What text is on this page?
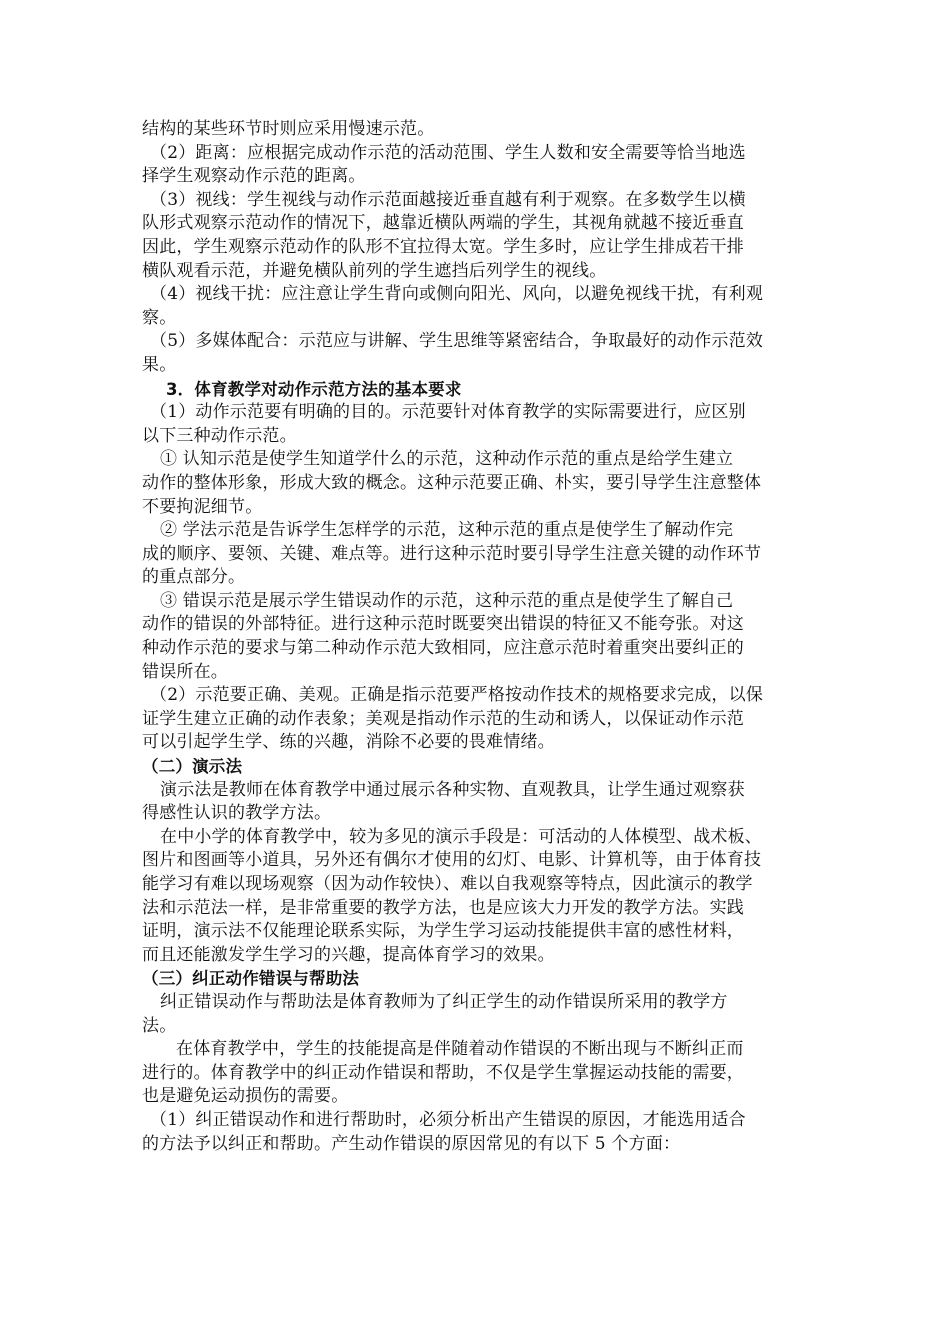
结构的某些环节时则应采用慢速示范。
（2）距离：应根据完成动作示范的活动范围、学生人数和安全需要等恰当地选
择学生观察动作示范的距离。
（3）视线：学生视线与动作示范面越接近垂直越有利于观察。在多数学生以横
队形式观察示范动作的情况下，越靠近横队两端的学生，其视角就越不接近垂直
因此，学生观察示范动作的队形不宜拉得太宽。学生多时，应让学生排成若干排
横队观看示范，并避免横队前列的学生遮挡后列学生的视线。
（4）视线干扰：应注意让学生背向或侧向阳光、风向，以避免视线干扰，有利观
察。
（5）多媒体配合：示范应与讲解、学生思维等紧密结合，争取最好的动作示范效
果。
3．体育教学对动作示范方法的基本要求
（1）动作示范要有明确的目的。示范要针对体育教学的实际需要进行，应区别
以下三种动作示范。
① 认知示范是使学生知道学什么的示范，这种动作示范的重点是给学生建立
动作的整体形象，形成大致的概念。这种示范要正确、朴实，要引导学生注意整体
不要拘泥细节。
② 学法示范是告诉学生怎样学的示范，这种示范的重点是使学生了解动作完
成的顺序、要领、关键、难点等。进行这种示范时要引导学生注意关键的动作环节
的重点部分。
③ 错误示范是展示学生错误动作的示范，这种示范的重点是使学生了解自己
动作的错误的外部特征。进行这种示范时既要突出错误的特征又不能夸张。对这
种动作示范的要求与第二种动作示范大致相同，应注意示范时着重突出要纠正的
错误所在。
（2）示范要正确、美观。正确是指示范要严格按动作技术的规格要求完成，以保
证学生建立正确的动作表象；美观是指动作示范的生动和诱人，以保证动作示范
可以引起学生学、练的兴趣，消除不必要的畏难情绪。
（二）演示法
演示法是教师在体育教学中通过展示各种实物、直观教具，让学生通过观察获
得感性认识的教学方法。
在中小学的体育教学中，较为多见的演示手段是：可活动的人体模型、战术板、
图片和图画等小道具，另外还有偶尔才使用的幻灯、电影、计算机等，由于体育技
能学习有难以现场观察（因为动作较快）、难以自我观察等特点，因此演示的教学
法和示范法一样，是非常重要的教学方法，也是应该大力开发的教学方法。实践
证明，演示法不仅能理论联系实际，为学生学习运动技能提供丰富的感性材料，
而且还能激发学生学习的兴趣，提高体育学习的效果。
（三）纠正动作错误与帮助法
纠正错误动作与帮助法是体育教师为了纠正学生的动作错误所采用的教学方
法。
在体育教学中，学生的技能提高是伴随着动作错误的不断出现与不断纠正而
进行的。体育教学中的纠正动作错误和帮助，不仅是学生掌握运动技能的需要，
也是避免运动损伤的需要。
（1）纠正错误动作和进行帮助时，必须分析出产生错误的原因，才能选用适合
的方法予以纠正和帮助。产生动作错误的原因常见的有以下 5 个方面：
